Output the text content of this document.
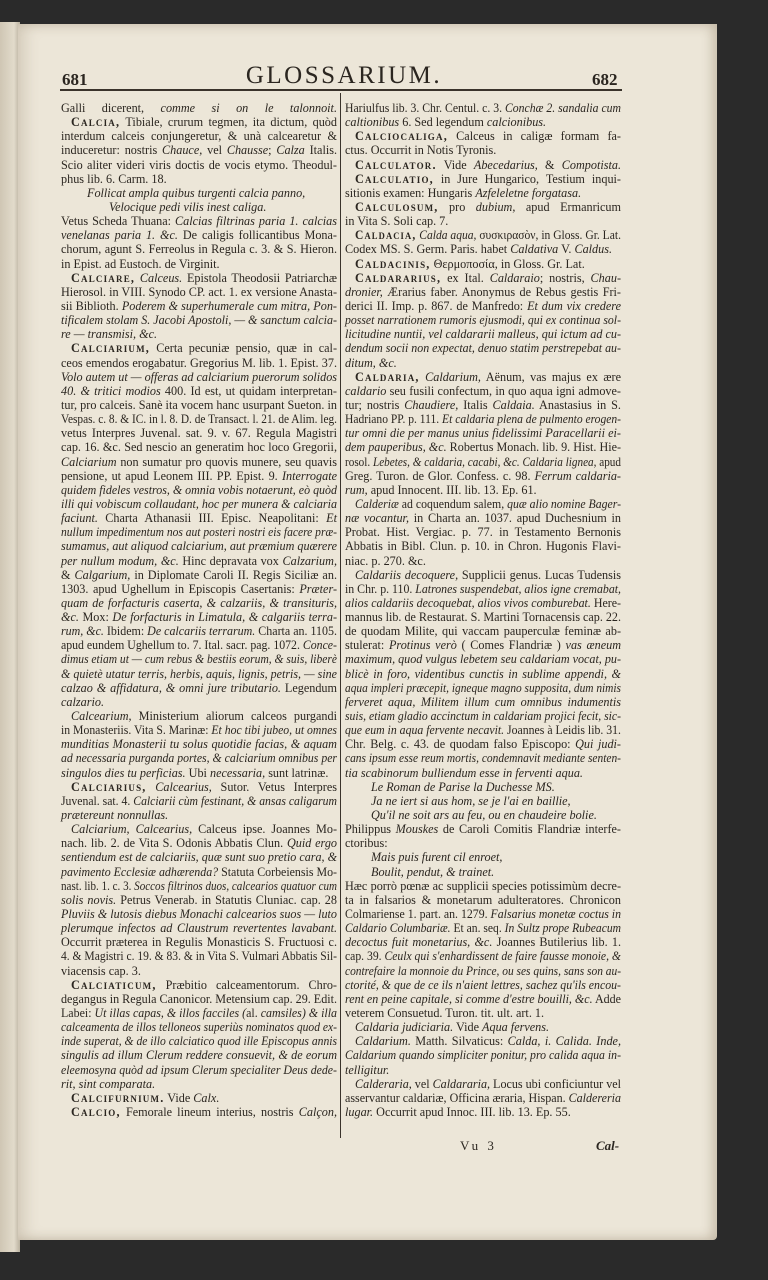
681	GLOSSARIUM.	682
Galli dicerent, comme si on le talonnoit.
Calcia, Tibiale, crurum tegmen, ita dictum, quòd
interdum calceis conjungeretur, & unà calcearetur &
induceretur: nostris Chauce, vel Chausse; Calza Italis.
Scio aliter videri viris doctis de vocis etymo. Theodul-
phus lib. 6. Carm. 18.
Follicat ampla quibus turgenti calcia panno,
Velocique pedi vilis inest caliga.
Vetus Scheda Thuana: Calcias filtrinas paria 1. calcias
venelanas paria 1. &c. De caligis follicantibus Mona-
chorum, agunt S. Ferreolus in Regula c. 3. & S. Hieron.
in Epist. ad Eustoch. de Virginit.
Calciare, Calceus. Epistola Theodosii Patriarchæ
Hierosol. in VIII. Synodo CP. act. 1. ex versione Anasta-
sii Biblioth. Poderem & superhumerale cum mitra, Pon-
tificalem stolam S. Jacobi Apostoli, — & sanctum calcia-
re — transmisi, &c.
Calciarium, Certa pecuniæ pensio, quæ in cal-
ceos emendos erogabatur. Gregorius M. lib. 1. Epist. 37.
Volo autem ut — offeras ad calciarium puerorum solidos
40. & tritici modios 400. Id est, ut quidam interpretan-
tur, pro calceis. Sanè ita vocem hanc usurpant Sueton. in
Vespas. c. 8. & IC. in l. 8. D. de Transact. l. 21. de Alim. leg.
vetus Interpres Juvenal. sat. 9. v. 67. Regula Magistri
cap. 16. &c. Sed nescio an generatim hoc loco Gregorii,
Calciarium non sumatur pro quovis munere, seu quavis
pensione, ut apud Leonem III. PP. Epist. 9. Interrogate
quidem fideles vestros, & omnia vobis notaerunt, eò quòd
illi qui vobiscum collaudant, hoc per munera & calciaria
faciunt. Charta Athanasii III. Episc. Neapolitani: Et
nullum impedimentum nos aut posteri nostri eis facere præ-
sumamus, aut aliquod calciarium, aut præmium quærere
per nullum modum, &c. Hinc depravata vox Calzarium,
& Calgarium, in Diplomate Caroli II. Regis Siciliæ an.
1303. apud Ughellum in Episcopis Casertanis: Præter-
quam de forfacturis caserta, & calzariis, & transituris,
&c. Mox: De forfacturis in Limatula, & calgariis terra-
rum, &c. Ibidem: De calcariis terrarum. Charta an. 1105.
apud eundem Ughellum to. 7. Ital. sacr. pag. 1072. Conce-
dimus etiam ut — cum rebus & bestiis eorum, & suis, liberè
& quietè utatur terris, herbis, aquis, lignis, petris, — sine
calzao & affidatura, & omni jure tributario. Legendum
calzario.
Calcearium, Ministerium aliorum calceos purgandi
in Monasteriis. Vita S. Marinæ: Et hoc tibi jubeo, ut omnes
munditias Monasterii tu solus quotidie facias, & aquam
ad necessaria purganda portes, & calciarium omnibus per
singulos dies tu perficias. Ubi necessaria, sunt latrinæ.
Calciarius, Calcearius, Sutor. Vetus Interpres
Juvenal. sat. 4. Calciarii cùm festinant, & ansas caligarum
prætereunt nonnullas.
Calciarium, Calcearius, Calceus ipse. Joannes Mo-
nach. lib. 2. de Vita S. Odonis Abbatis Clun. Quid ergo
sentiendum est de calciariis, quæ sunt suo pretio cara, &
pavimento Ecclesiæ adhærenda? Statuta Corbeiensis Mo-
nast. lib. 1. c. 3. Soccos filtrinos duos, calcearios quatuor cum
solis novis. Petrus Venerab. in Statutis Cluniac. cap. 28
Pluviis & lutosis diebus Monachi calcearios suos — luto
plerumque infectos ad Claustrum revertentes lavabant.
Occurrit præterea in Regulis Monasticis S. Fructuosi c.
4. & Magistri c. 19. & 83. & in Vita S. Vulmari Abbatis Sil-
viacensis cap. 3.
Calciaticum, Præbitio calceamentorum. Chro-
degangus in Regula Canonicor. Metensium cap. 29. Edit.
Labei: Ut illas capas, & illos facciles (al. camsiles) & illa
calceamenta de illos telloneos superiùs nominatos quod ex-
inde superat, & de illo calciatico quod ille Episcopus annis
singulis ad illum Clerum reddere consuevit, & de eorum
eleemosyna quòd ad ipsum Clerum specialiter Deus dede-
rit, sint comparata.
Calcifurnium. Vide Calx.
Calcio, Femorale lineum interius, nostris Calçon,
Hariulfus lib. 3. Chr. Centul. c. 3. Conchæ 2. sandalia cum
caltionibus 6. Sed legendum calcionibus.
Calciocaliga, Calceus in caligæ formam fa-
ctus. Occurrit in Notis Tyronis.
Calculator. Vide Abecedarius, & Compotista.
Calculatio, in Jure Hungarico, Testium inqui-
sitionis examen: Hungaris Azfeleletne forgatasa.
Calculosum, pro dubium, apud Ermanricum
in Vita S. Soli cap. 7.
Caldacia, Calda aqua, συσκιρασὸν, in Gloss. Gr. Lat.
Codex MS. S. Germ. Paris. habet Caldativa V. Caldus.
Caldacinis, Θερμοποσία, in Gloss. Gr. Lat.
Caldararius, ex Ital. Caldaraio; nostris, Chau-
dronier, Ærarius faber. Anonymus de Rebus gestis Fri-
derici II. Imp. p. 867. de Manfredo: Et dum vix credere
posset narrationem rumoris ejusmodi, qui ex continua sol-
licitudine nuntii, vel caldararii malleus, qui ictum ad cu-
dendum socii non expectat, denuo statim perstrepebat au-
ditum, &c.
Caldaria, Caldarium, Aënum, vas majus ex ære
caldario seu fusili confectum, in quo aqua igni admove-
tur; nostris Chaudiere, Italis Caldaia. Anastasius in S.
Hadriano PP. p. 111. Et caldaria plena de pulmento erogen-
tur omni die per manus unius fidelissimi Paracellarii ei-
dem pauperibus, &c. Robertus Monach. lib. 9. Hist. Hie-
rosol. Lebetes, & caldaria, cacabi, &c. Caldaria lignea, apud
Greg. Turon. de Glor. Confess. c. 98. Ferrum caldaria-
rum, apud Innocent. III. lib. 13. Ep. 61.
Calderiæ ad coquendum salem, quæ alio nomine Bager-
næ vocantur, in Charta an. 1037. apud Duchesnium in
Probat. Hist. Vergiac. p. 77. in Testamento Bernonis
Abbatis in Bibl. Clun. p. 10. in Chron. Hugonis Flavi-
niac. p. 270. &c.
Caldariis decoquere, Supplicii genus. Lucas Tudensis
in Chr. p. 110. Latrones suspendebat, alios igne cremabat,
alios caldariis decoquebat, alios vivos comburebat. Here-
mannus lib. de Restaurat. S. Martini Tornacensis cap. 22.
de quodam Milite, qui vaccam pauperculæ feminæ ab-
stulerat: Protinus verò ( Comes Flandriæ ) vas æneum
maximum, quod vulgus lebetem seu caldariam vocat, pu-
blicè in foro, videntibus cunctis in sublime appendi, &
aqua impleri præcepit, igneque magno supposita, dum nimis
ferveret aqua, Militem illum cum omnibus indumentis
suis, etiam gladio accinctum in caldariam projici fecit, sic-
que eum in aqua fervente necavit. Joannes à Leidis lib. 31.
Chr. Belg. c. 43. de quodam falso Episcopo: Qui judi-
cans ipsum esse reum mortis, condemnavit mediante senten-
tia scabinorum bulliendum esse in ferventi aqua.
Le Roman de Parise la Duchesse MS.
Ja ne iert si aus hom, se je l'ai en baillie,
Qu'il ne soit ars au feu, ou en chaudeire bolie.
Philippus Mouskes de Caroli Comitis Flandriæ interfe-
ctoribus:
Mais puis furent cil enroet,
Boulit, pendut, & trainet.
Hæc porrò pœnæ ac supplicii species potissimùm decre-
ta in falsarios & monetarum adulteratores. Chronicon
Colmariense 1. part. an. 1279. Falsarius monetæ coctus in
Caldario Columbariæ. Et an. seq. In Sultz prope Rubeacum
decoctus fuit monetarius, &c. Joannes Butilerius lib. 1.
cap. 39. Ceulx qui s'enhardissent de faire fausse monoie, &
contrefaire la monnoie du Prince, ou ses quins, sans son au-
ctorité, & que de ce ils n'aient lettres, sachez qu'ils encou-
rent en peine capitale, si comme d'estre bouilli, &c. Adde
veterem Consuetud. Turon. tit. ult. art. 1.
Caldaria judiciaria. Vide Aqua fervens.
Caldarium. Matth. Silvaticus: Calda, i. Calida. Inde,
Caldarium quando simpliciter ponitur, pro calida aqua in-
telligitur.
Calderaria, vel Caldararia, Locus ubi conficiuntur vel
asservantur caldariæ, Officina æraria, Hispan. Caldereria
lugar. Occurrit apud Innoc. III. lib. 13. Ep. 55.
Vu 3	Cal-
